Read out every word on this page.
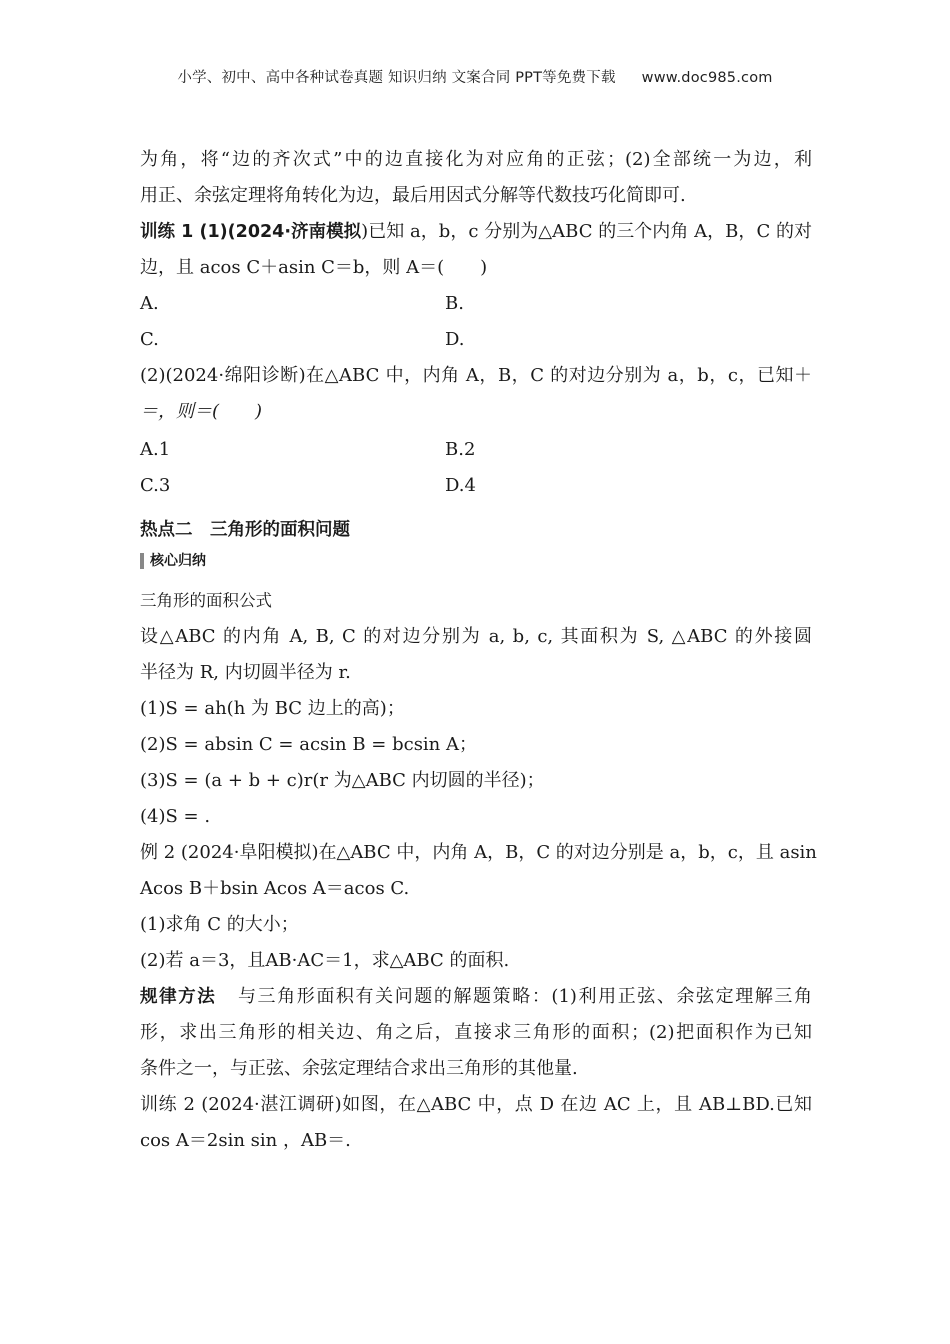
小学、初中、高中各种试卷真题 知识归纳 文案合同 PPT等免费下载 www.doc985.com
为角，将“边的齐次式”中的边直接化为对应角的正弦；(2)全部统一为边，利
用正、余弦定理将角转化为边，最后用因式分解等代数技巧化简即可.
训练 1 (1)(2024·济南模拟)已知 a，b，c 分别为△ABC 的三个内角 A，B，C 的对
边，且 acos C＋asin C＝b，则 A＝(　　)
A.	B.
C.	D.
(2)(2024·绵阳诊断)在△ABC 中，内角 A，B，C 的对边分别为 a，b，c，已知＋
＝，则＝(　　)
A.1	B.2
C.3	D.4
热点二　三角形的面积问题
核心归纳
三角形的面积公式
设△ABC 的内角 A, B, C 的对边分别为 a, b, c, 其面积为 S, △ABC 的外接圆
半径为 R, 内切圆半径为 r.
(1)S = ah(h 为 BC 边上的高)；
(2)S = absin C = acsin B = bcsin A；
(3)S = (a + b + c)r(r 为△ABC 内切圆的半径)；
(4)S = .
例 2 (2024·阜阳模拟)在△ABC 中，内角 A，B，C 的对边分别是 a，b，c，且 asin
Acos B＋bsin Acos A＝acos C.
(1)求角 C 的大小；
(2)若 a＝3，且AB·AC＝1，求△ABC 的面积.
规律方法 与三角形面积有关问题的解题策略：(1)利用正弦、余弦定理解三角
形，求出三角形的相关边、角之后，直接求三角形的面积；(2)把面积作为已知
条件之一，与正弦、余弦定理结合求出三角形的其他量.
训练 2 (2024·湛江调研)如图，在△ABC 中，点 D 在边 AC 上，且 AB⊥BD.已知
cos A＝2sin sin ，AB＝.
